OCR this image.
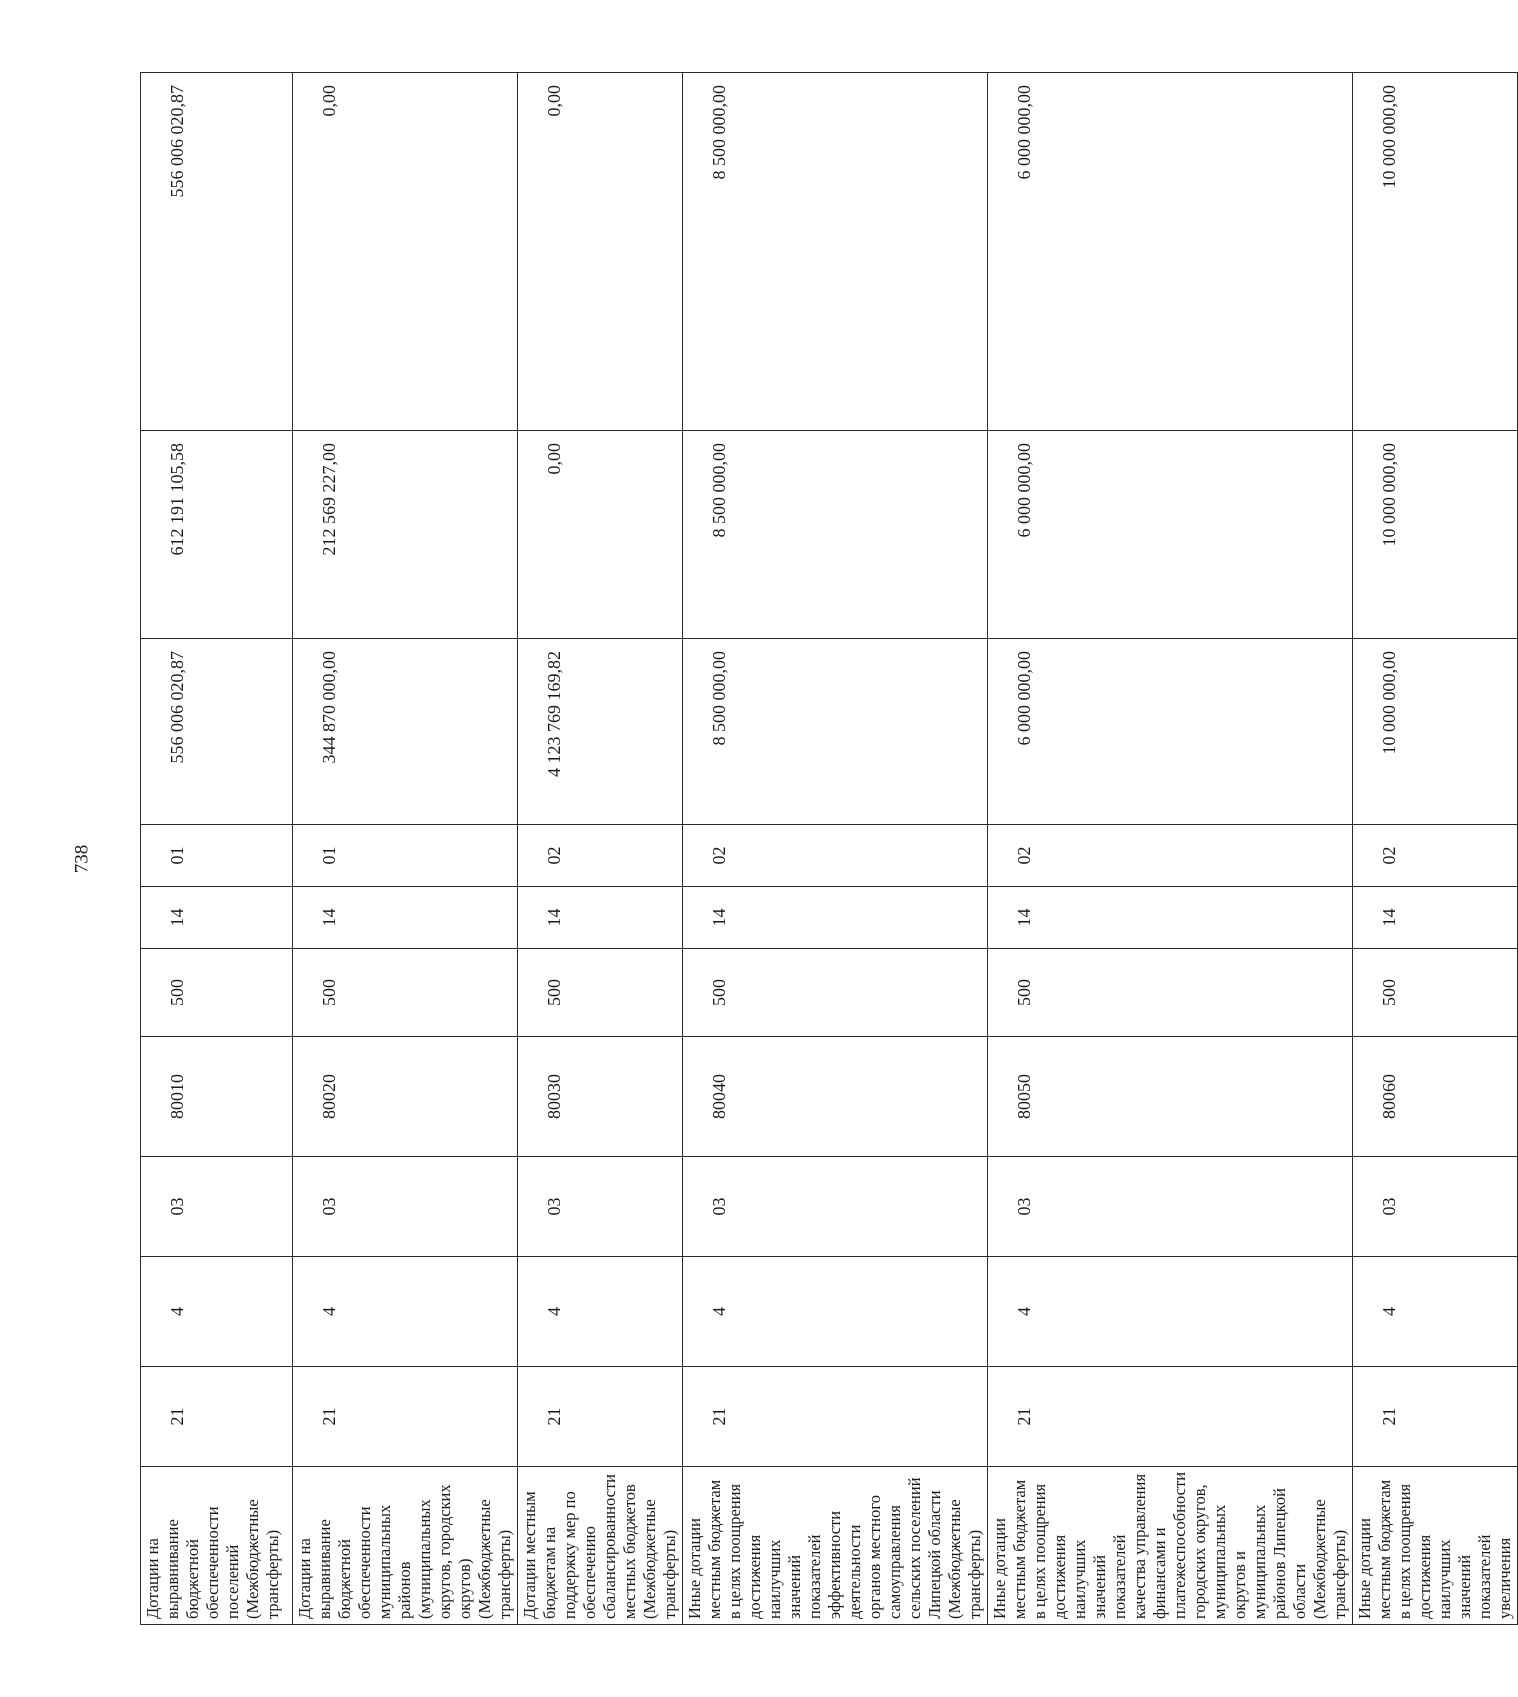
738
Дотации на выравнивание бюджетной обеспеченности поселений (Межбюджетные трансферты)	21	4	03	80010	500	14	01	556 006 020,87	612 191 105,58	556 006 020,87
Дотации на выравнивание бюджетной обеспеченности муниципальных районов (муниципальных округов, городских округов) (Межбюджетные трансферты)	21	4	03	80020	500	14	01	344 870 000,00	212 569 227,00	0,00
Дотации местным бюджетам на поддержку мер по обеспечению сбалансированности местных бюджетов (Межбюджетные трансферты)	21	4	03	80030	500	14	02	4 123 769 169,82	0,00	0,00
Иные дотации местным бюджетам в целях поощрения достижения наилучших значений показателей эффективности деятельности органов местного самоуправления сельских поселений Липецкой области (Межбюджетные трансферты)	21	4	03	80040	500	14	02	8 500 000,00	8 500 000,00	8 500 000,00
Иные дотации местным бюджетам в целях поощрения достижения наилучших значений показателей качества управления финансами и платежеспособности городских округов, муниципальных округов и муниципальных районов Липецкой области (Межбюджетные трансферты)	21	4	03	80050	500	14	02	6 000 000,00	6 000 000,00	6 000 000,00
Иные дотации местным бюджетам в целях поощрения достижения наилучших значений показателей увеличения	21	4	03	80060	500	14	02	10 000 000,00	10 000 000,00	10 000 000,00
